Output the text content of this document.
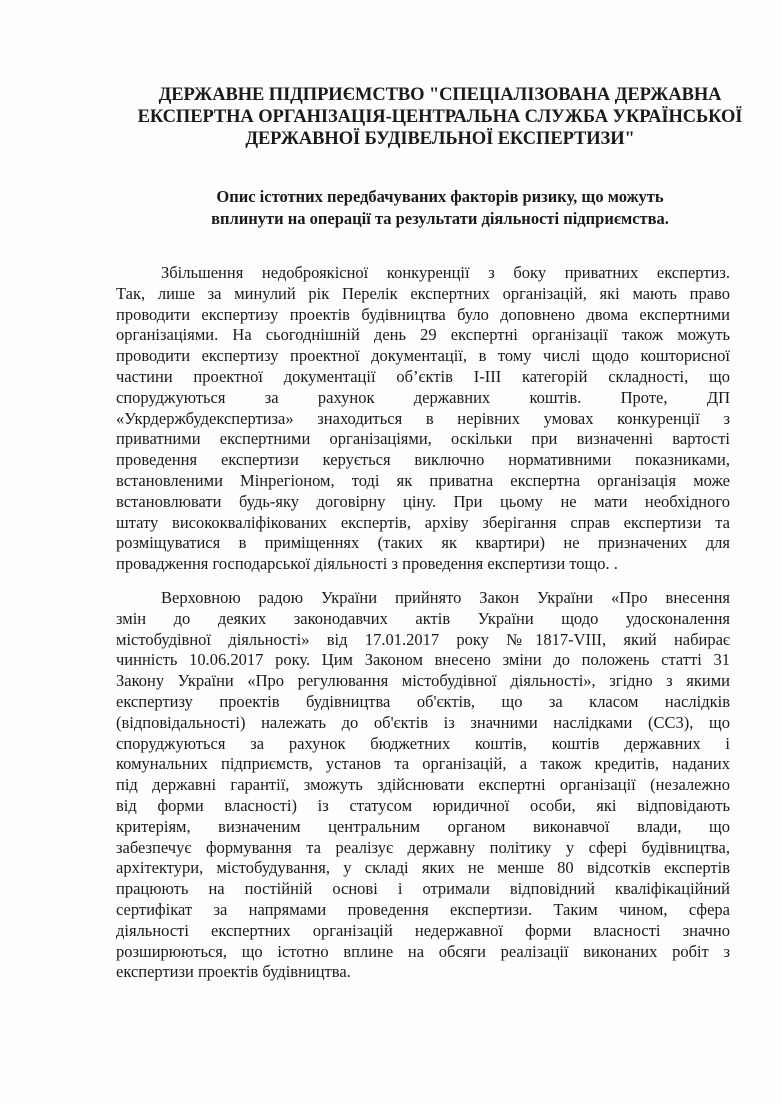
ДЕРЖАВНЕ ПІДПРИЄМСТВО "СПЕЦІАЛІЗОВАНА ДЕРЖАВНА
ЕКСПЕРТНА ОРГАНІЗАЦІЯ-ЦЕНТРАЛЬНА СЛУЖБА УКРАЇНСЬКОЇ
ДЕРЖАВНОЇ БУДІВЕЛЬНОЇ ЕКСПЕРТИЗИ"
Опис істотних передбачуваних факторів ризику, що можуть
вплинути на операції та результати діяльності підприємства.

Збільшення недоброякісної конкуренції з боку приватних експертиз.
Так, лише за минулий рік Перелік експертних організацій, які мають право
проводити експертизу проектів будівництва було доповнено двома експертними
організаціями. На сьогоднішній день 29 експертні організації також можуть
проводити експертизу проектної документації, в тому числі щодо кошторисної
частини проектної документації об’єктів I-III категорій складності, що
споруджуються за рахунок державних коштів. Проте, ДП
«Укрдержбудекспертиза» знаходиться в нерівних умовах конкуренції з
приватними експертними організаціями, оскільки при визначенні вартості
проведення експертизи керується виключно нормативними показниками,
встановленими Мінрегіоном, тоді як приватна експертна організація може
встановлювати будь-яку договірну ціну. При цьому не мати необхідного
штату висококваліфікованих експертів, архіву зберігання справ експертизи та
розміщуватися в приміщеннях (таких як квартири) не призначених для
провадження господарської діяльності з проведення експертизи тощо. .

Верховною радою України прийнято Закон України «Про внесення
змін до деяких законодавчих актів України щодо удосконалення
містобудівної діяльності» від 17.01.2017 року №1817-VIII, який набирає
чинність 10.06.2017 року. Цим Законом внесено зміни до положень статті 31
Закону України «Про регулювання містобудівної діяльності», згідно з якими
експертизу проектів будівництва об'єктів, що за класом наслідків
(відповідальності) належать до об'єктів із значними наслідками (СС3), що
споруджуються за рахунок бюджетних коштів, коштів державних і
комунальних підприємств, установ та організацій, а також кредитів, наданих
під державні гарантії, зможуть здійснювати експертні організації (незалежно
від форми власності) із статусом юридичної особи, які відповідають
критеріям, визначеним центральним органом виконавчої влади, що
забезпечує формування та реалізує державну політику у сфері будівництва,
архітектури, містобудування, у складі яких не менше 80 відсотків експертів
працюють на постійній основі і отримали відповідний кваліфікаційний
сертифікат за напрямами проведення експертизи. Таким чином, сфера
діяльності експертних організацій недержавної форми власності значно
розширюються, що істотно вплине на обсяги реалізації виконаних робіт з
експертизи проектів будівництва.
